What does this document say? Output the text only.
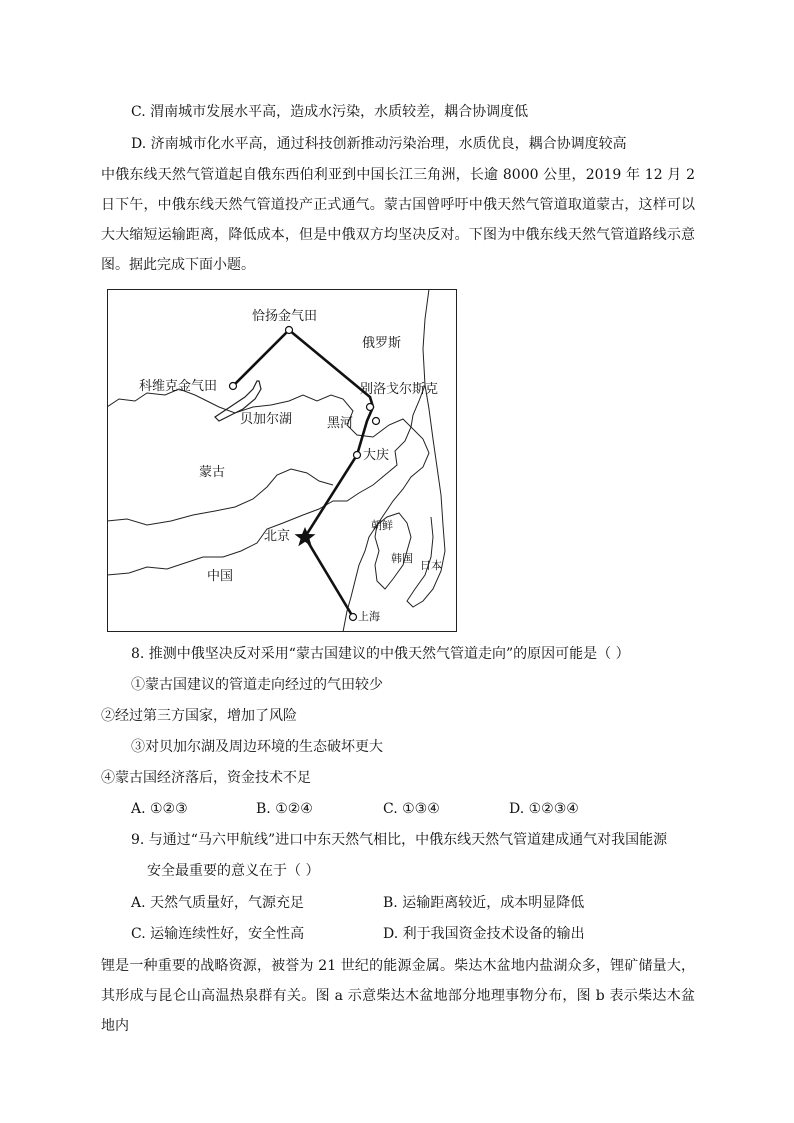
C. 渭南城市发展水平高，造成水污染，水质较差，耦合协调度低
D. 济南城市化水平高，通过科技创新推动污染治理，水质优良，耦合协调度较高
中俄东线天然气管道起自俄东西伯利亚到中国长江三角洲，长逾 8000 公里，2019 年 12 月 2 日下午，中俄东线天然气管道投产正式通气。蒙古国曾呼吁中俄天然气管道取道蒙古，这样可以大大缩短运输距离，降低成本，但是中俄双方均坚决反对。下图为中俄东线天然气管道路线示意图。据此完成下面小题。
恰扬金气田
俄罗斯
科维克金气田	别洛戈尔斯克
贝加尔湖	黑河
大庆
蒙古
朝鲜
北京
韩国
日本
中国
上海
8. 推测中俄坚决反对采用“蒙古国建议的中俄天然气管道走向”的原因可能是（ ）
①蒙古国建议的管道走向经过的气田较少
②经过第三方国家，增加了风险
③对贝加尔湖及周边环境的生态破坏更大
④蒙古国经济落后，资金技术不足
A. ①②③	B. ①②④	C. ①③④	D. ①②③④
9. 与通过“马六甲航线”进口中东天然气相比，中俄东线天然气管道建成通气对我国能源
安全最重要的意义在于（ ）
A. 天然气质量好，气源充足	B. 运输距离较近，成本明显降低
C. 运输连续性好，安全性高	D. 利于我国资金技术设备的输出
锂是一种重要的战略资源，被誉为 21 世纪的能源金属。柴达木盆地内盐湖众多，锂矿储量大，其形成与昆仑山高温热泉群有关。图 a 示意柴达木盆地部分地理事物分布，图 b 表示柴达木盆地内
